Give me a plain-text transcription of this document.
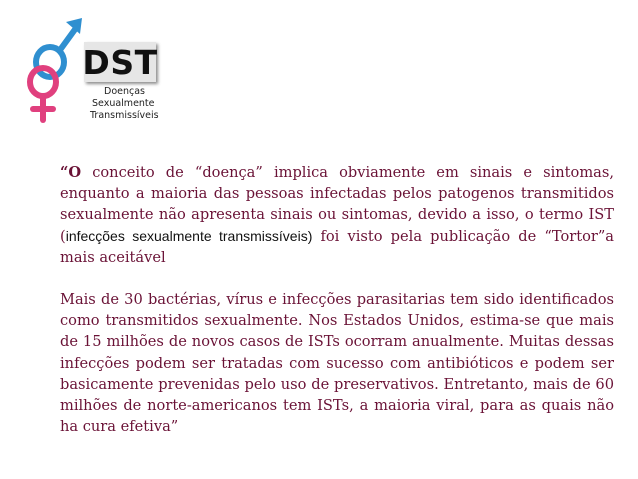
DST
Doenças
Sexualmente
Transmissíveis

“O conceito de “doença” implica obviamente em sinais e sintomas, enquanto a maioria das pessoas infectadas pelos patogenos transmitidos sexualmente não apresenta sinais ou sintomas, devido a isso, o termo IST (infecções sexualmente transmissíveis) foi visto pela publicação de “Tortor”a mais aceitável

Mais de 30 bactérias, vírus e infecções parasitarias tem sido identificados como transmitidos sexualmente. Nos Estados Unidos, estima-se que mais de 15 milhões de novos casos de ISTs ocorram anualmente. Muitas dessas infecções podem ser tratadas com sucesso com antibióticos e podem ser basicamente prevenidas pelo uso de preservativos. Entretanto, mais de 60 milhões de norte-americanos tem ISTs, a maioria viral, para as quais não ha cura efetiva”
